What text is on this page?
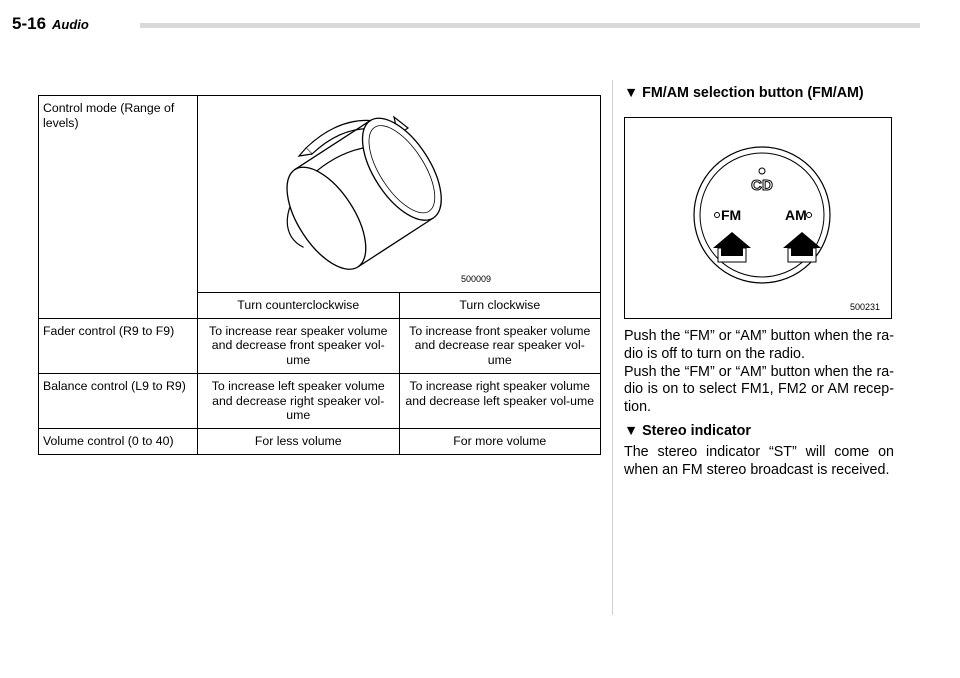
5-16 Audio
Control mode (Range of levels)	500009	

	Turn counterclockwise	Turn clockwise
Fader control (R9 to F9)	To increase rear speaker volume and decrease front speaker vol-ume	To increase front speaker volume and decrease rear speaker vol-ume
Balance control (L9 to R9)	To increase left speaker volume and decrease right speaker vol-ume	To increase right speaker volume and decrease left speaker vol-ume
Volume control (0 to 40)	For less volume	For more volume

▼ FM/AM selection button (FM/AM)

CD
FM	AM
500231

Push the “FM” or “AM” button when the ra-dio is off to turn on the radio.

Push the “FM” or “AM” button when the ra-dio is on to select FM1, FM2 or AM recep-tion.

▼ Stereo indicator

The stereo indicator “ST” will come on when an FM stereo broadcast is received.
